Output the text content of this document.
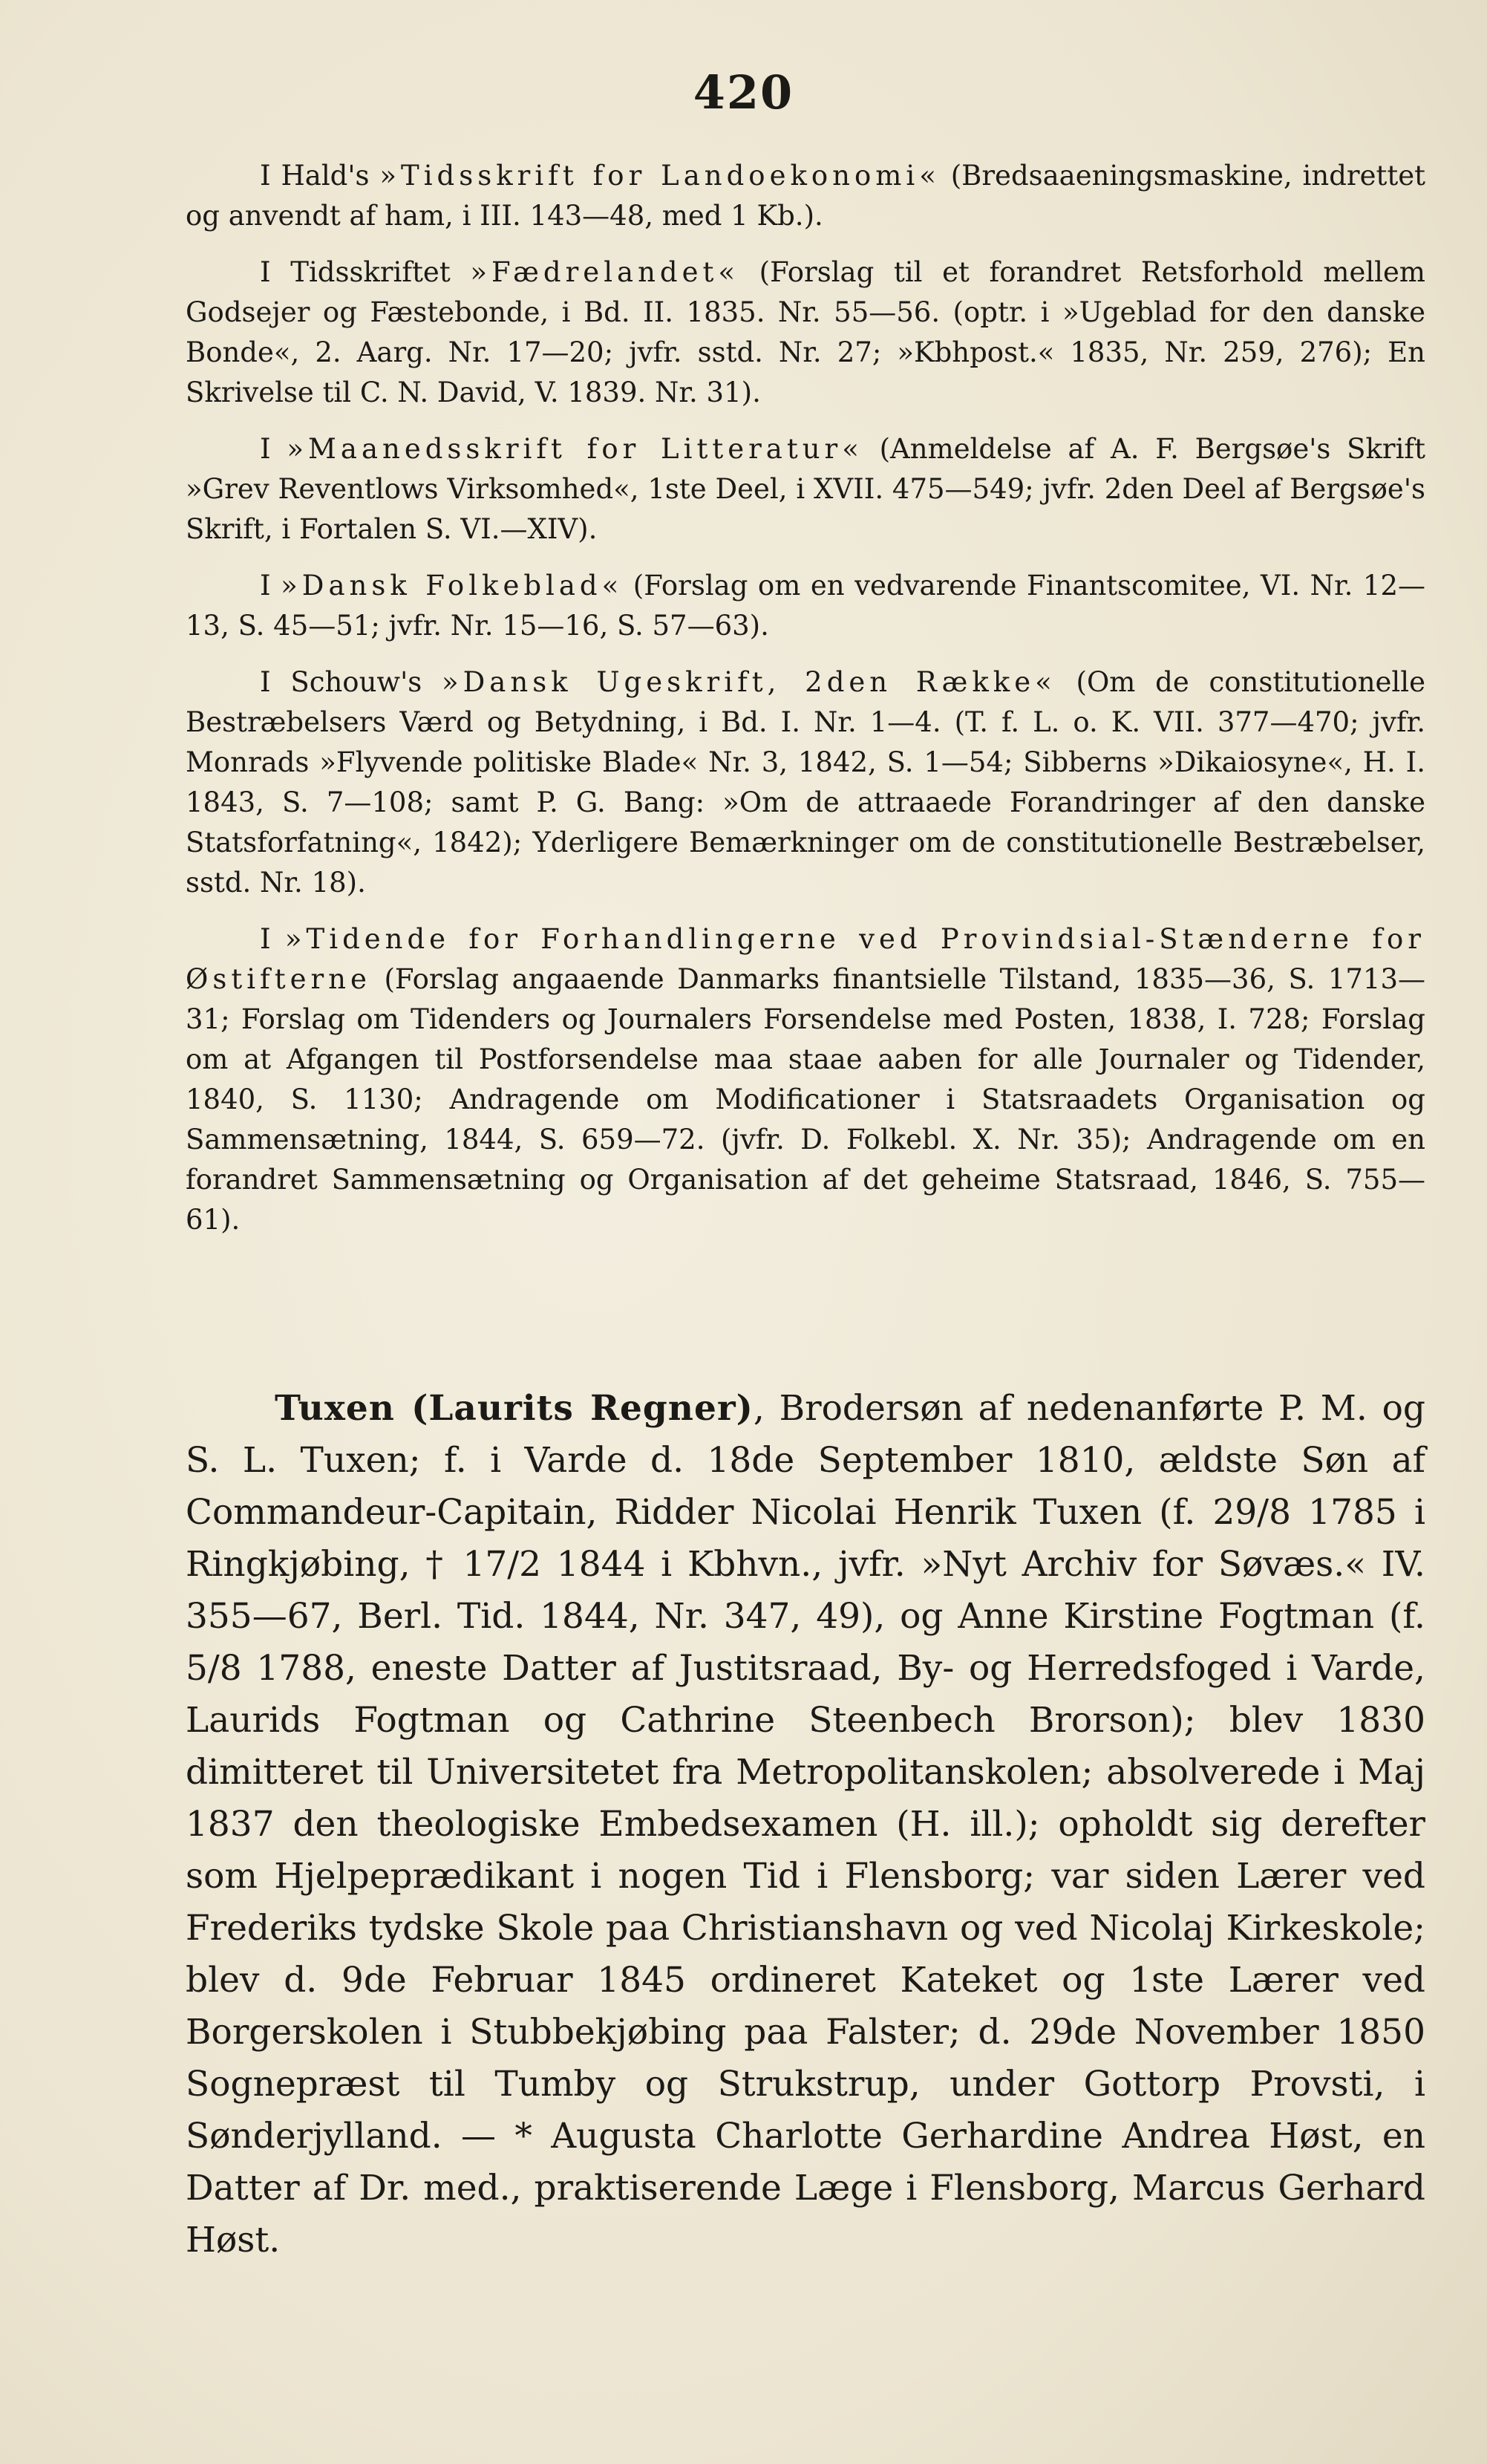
420

I Hald's »Tidsskrift for Landoekonomi« (Bredsaaeningsmaskine, indrettet og anvendt af ham, i III. 143—48, med 1 Kb.).

I Tidsskriftet »Fædrelandet« (Forslag til et forandret Retsforhold mellem Godsejer og Fæstebonde, i Bd. II. 1835. Nr. 55—56. (optr. i »Ugeblad for den danske Bonde«, 2. Aarg. Nr. 17—20; jvfr. sstd. Nr. 27; »Kbhpost.« 1835, Nr. 259, 276); En Skrivelse til C. N. David, V. 1839. Nr. 31).

I »Maanedsskrift for Litteratur« (Anmeldelse af A. F. Bergsøe's Skrift »Grev Reventlows Virksomhed«, 1ste Deel, i XVII. 475—549; jvfr. 2den Deel af Bergsøe's Skrift, i Fortalen S. VI.—XIV).

I »Dansk Folkeblad« (Forslag om en vedvarende Finantscomitee, VI. Nr. 12—13, S. 45—51; jvfr. Nr. 15—16, S. 57—63).

I Schouw's »Dansk Ugeskrift, 2den Række« (Om de constitutionelle Bestræbelsers Værd og Betydning, i Bd. I. Nr. 1—4. (T. f. L. o. K. VII. 377—470; jvfr. Monrads »Flyvende politiske Blade« Nr. 3, 1842, S. 1—54; Sibberns »Dikaiosyne«, H. I. 1843, S. 7—108; samt P. G. Bang: »Om de attraaede Forandringer af den danske Statsforfatning«, 1842); Yderligere Bemærkninger om de constitutionelle Bestræbelser, sstd. Nr. 18).

I »Tidende for Forhandlingerne ved Provindsial-Stænderne for Østifterne (Forslag angaaende Danmarks finantsielle Tilstand, 1835—36, S. 1713—31; Forslag om Tidenders og Journalers Forsendelse med Posten, 1838, I. 728; Forslag om at Afgangen til Postforsendelse maa staae aaben for alle Journaler og Tidender, 1840, S. 1130; Andragende om Modificationer i Statsraadets Organisation og Sammensætning, 1844, S. 659—72. (jvfr. D. Folkebl. X. Nr. 35); Andragende om en forandret Sammensætning og Organisation af det geheime Statsraad, 1846, S. 755—61).

Tuxen (Laurits Regner), Brodersøn af nedenanførte P. M. og S. L. Tuxen; f. i Varde d. 18de September 1810, ældste Søn af Commandeur-Capitain, Ridder Nicolai Henrik Tuxen (f. 29/8 1785 i Ringkjøbing, † 17/2 1844 i Kbhvn., jvfr. »Nyt Archiv for Søvæs.« IV. 355—67, Berl. Tid. 1844, Nr. 347, 49), og Anne Kirstine Fogtman (f. 5/8 1788, eneste Datter af Justitsraad, By- og Herredsfoged i Varde, Laurids Fogtman og Cathrine Steenbech Brorson); blev 1830 dimitteret til Universitetet fra Metropolitanskolen; absolverede i Maj 1837 den theologiske Embedsexamen (H. ill.); opholdt sig derefter som Hjelpeprædikant i nogen Tid i Flensborg; var siden Lærer ved Frederiks tydske Skole paa Christianshavn og ved Nicolaj Kirkeskole; blev d. 9de Februar 1845 ordineret Kateket og 1ste Lærer ved Borgerskolen i Stubbekjøbing paa Falster; d. 29de November 1850 Sognepræst til Tumby og Strukstrup, under Gottorp Provsti, i Sønderjylland. — * Augusta Charlotte Gerhardine Andrea Høst, en Datter af Dr. med., praktiserende Læge i Flensborg, Marcus Gerhard Høst.
